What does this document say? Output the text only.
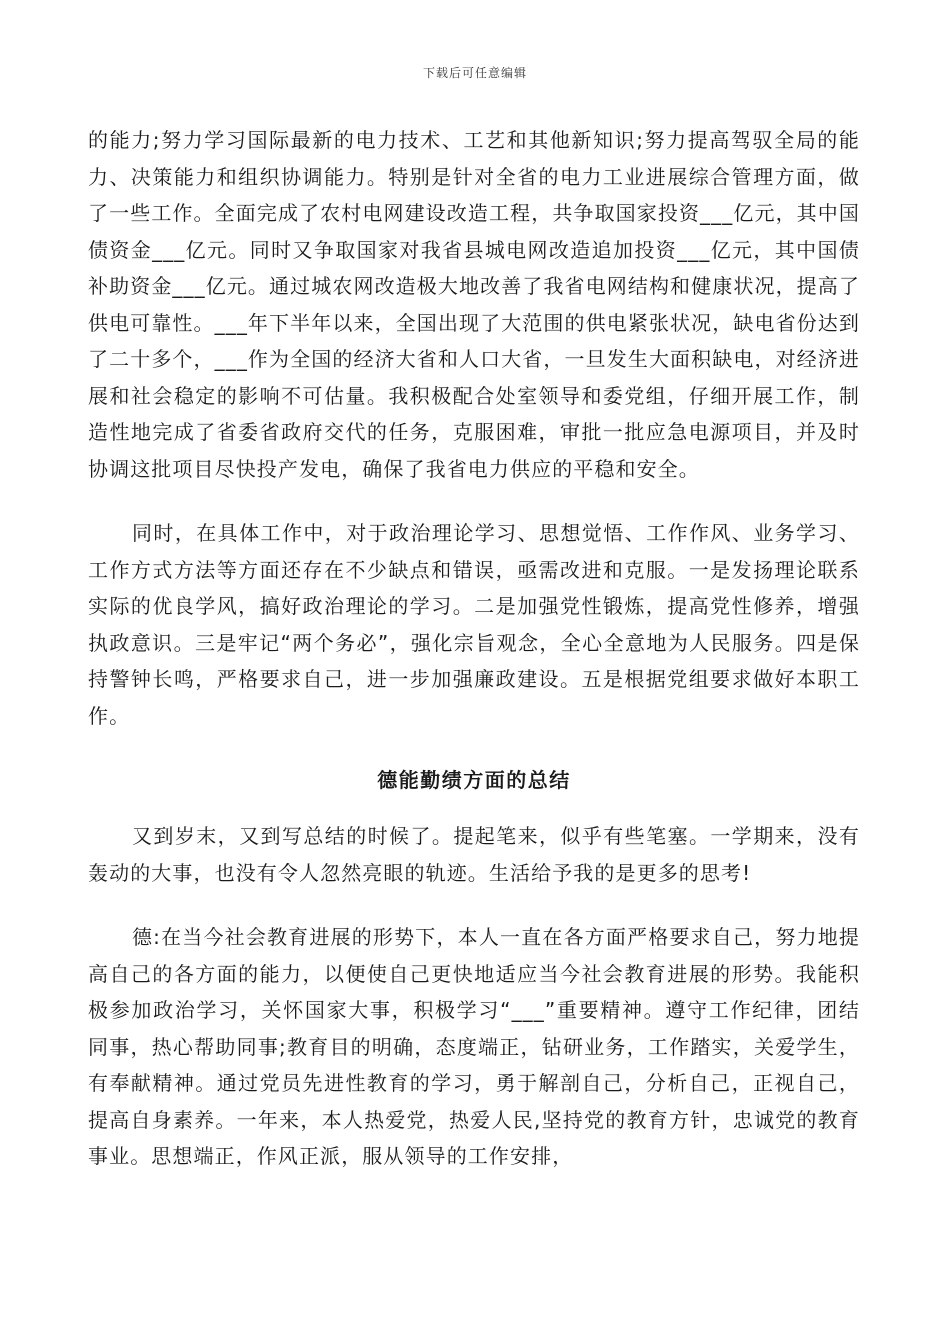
下载后可任意编辑

的能力;努力学习国际最新的电力技术、工艺和其他新知识;努力提高驾驭全局的能力、决策能力和组织协调能力。特别是针对全省的电力工业进展综合管理方面，做了一些工作。全面完成了农村电网建设改造工程，共争取国家投资___亿元，其中国债资金___亿元。同时又争取国家对我省县城电网改造追加投资___亿元，其中国债补助资金___亿元。通过城农网改造极大地改善了我省电网结构和健康状况，提高了供电可靠性。___年下半年以来，全国出现了大范围的供电紧张状况，缺电省份达到了二十多个，___作为全国的经济大省和人口大省，一旦发生大面积缺电，对经济进展和社会稳定的影响不可估量。我积极配合处室领导和委党组，仔细开展工作，制造性地完成了省委省政府交代的任务，克服困难，审批一批应急电源项目，并及时协调这批项目尽快投产发电，确保了我省电力供应的平稳和安全。

同时，在具体工作中，对于政治理论学习、思想觉悟、工作作风、业务学习、工作方式方法等方面还存在不少缺点和错误，亟需改进和克服。一是发扬理论联系实际的优良学风，搞好政治理论的学习。二是加强党性锻炼，提高党性修养，增强执政意识。三是牢记“两个务必”，强化宗旨观念，全心全意地为人民服务。四是保持警钟长鸣，严格要求自己，进一步加强廉政建设。五是根据党组要求做好本职工作。

德能勤绩方面的总结

又到岁末，又到写总结的时候了。提起笔来，似乎有些笔塞。一学期来，没有轰动的大事，也没有令人忽然亮眼的轨迹。生活给予我的是更多的思考!

德:在当今社会教育进展的形势下，本人一直在各方面严格要求自己，努力地提高自己的各方面的能力，以便使自己更快地适应当今社会教育进展的形势。我能积极参加政治学习，关怀国家大事，积极学习“___”重要精神。遵守工作纪律，团结同事，热心帮助同事;教育目的明确，态度端正，钻研业务，工作踏实，关爱学生，有奉献精神。通过党员先进性教育的学习，勇于解剖自己，分析自己，正视自己，提高自身素养。一年来，本人热爱党，热爱人民,坚持党的教育方针，忠诚党的教育事业。思想端正，作风正派，服从领导的工作安排，
